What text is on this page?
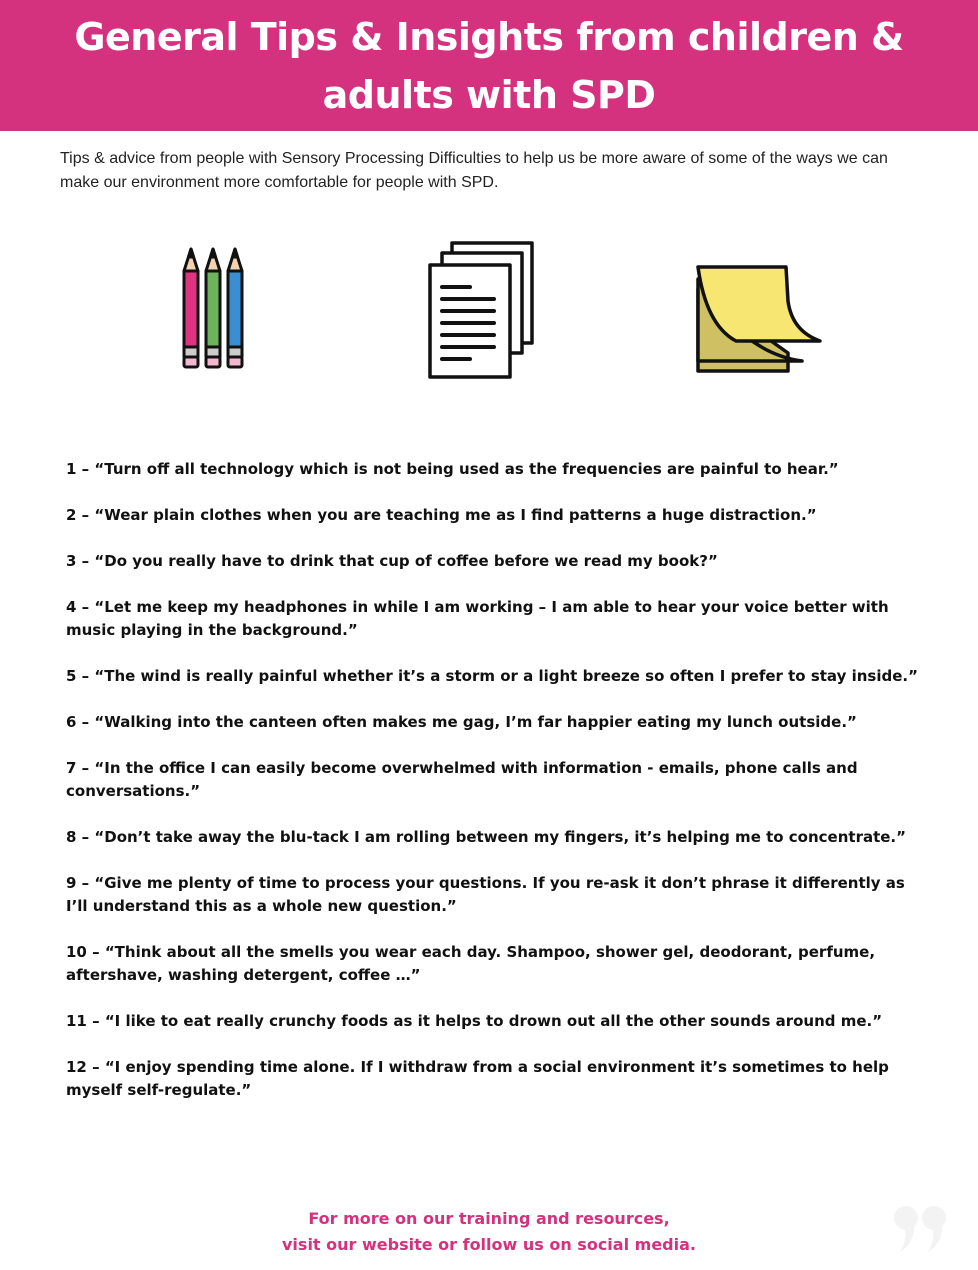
General Tips & Insights from children & adults with SPD

Tips & advice from people with Sensory Processing Difficulties to help us be more aware of some of the ways we can make our environment more comfortable for people with SPD.

1 – “Turn off all technology which is not being used as the frequencies are painful to hear.”
2 – “Wear plain clothes when you are teaching me as I find patterns a huge distraction.”
3 – “Do you really have to drink that cup of coffee before we read my book?”
4 – “Let me keep my headphones in while I am working – I am able to hear your voice better with music playing in the background.”
5 – “The wind is really painful whether it’s a storm or a light breeze so often I prefer to stay inside.”
6 – “Walking into the canteen often makes me gag, I’m far happier eating my lunch outside.”
7 – “In the office I can easily become overwhelmed with information - emails, phone calls and conversations.”
8 – “Don’t take away the blu-tack I am rolling between my fingers, it’s helping me to concentrate.”
9 – “Give me plenty of time to process your questions. If you re-ask it don’t phrase it differently as I’ll understand this as a whole new question.”
10 – “Think about all the smells you wear each day. Shampoo, shower gel, deodorant, perfume, aftershave, washing detergent, coffee …”
11 – “I like to eat really crunchy foods as it helps to drown out all the other sounds around me.”
12 – “I enjoy spending time alone. If I withdraw from a social environment it’s sometimes to help myself self-regulate.”
For more on our training and resources,
visit our website or follow us on social media.
